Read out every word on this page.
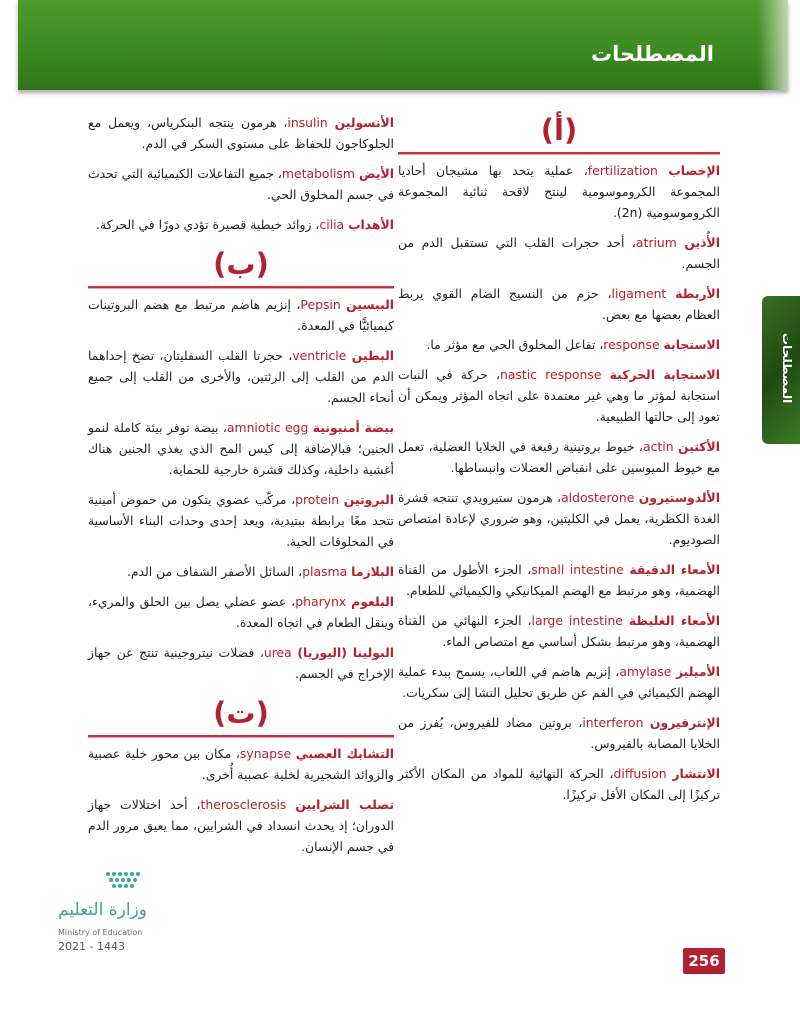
المصطلحات
المصطلحات
(أ)

الإخصاب fertilization، عملية يتحد بها مشيجان أحاديا المجموعة الكروموسومية لينتج لاقحة ثنائية المجموعة الكروموسومية (2n).

الأُذين atrium، أحد حجرات القلب التي تستقبل الدم من الجسم.

الأربطة ligament، حزم من النسيج الضام القوي يربط العظام بعضها مع بعض.

الاستجابة response، تفاعل المخلوق الحي مع مؤثر ما.

الاستجابة الحركية nastic response، حركة في النبات استجابة لمؤثر ما وهي غير معتمدة على اتجاه المؤثر ويمكن أن تعود إلى حالتها الطبيعية.

الأكتين actin، خيوط بروتينية رفيعة في الخلايا العضلية، تعمل مع خيوط الميوسين على انقباض العضلات وانبساطها.

الألدوستيرون aldosterone، هرمون ستيرويدي تنتجه قشرة الغدة الكظرية، يعمل في الكليتين، وهو ضروري لإعادة امتصاص الصوديوم.

الأمعاء الدقيقة small intestine، الجزء الأطول من القناة الهضمية، وهو مرتبط مع الهضم الميكانيكي والكيميائي للطعام.

الأمعاء الغليظة large intestine، الجزء النهائي من القناة الهضمية، وهو مرتبط بشكل أساسي مع امتصاص الماء.

الأميليز amylase، إنزيم هاضم في اللعاب، يسمح ببدء عملية الهضم الكيميائي في الفم عن طريق تحليل النشا إلى سكريات.

الإنترفيرون interferon، بروتين مضاد للفيروس، يُفرز من الخلايا المصابة بالفيروس.

الانتشار diffusion، الحركة النهائية للمواد من المكان الأكثر تركيزًا إلى المكان الأقل تركيزًا.

الأنسولين insulin، هرمون ينتجه البنكرياس، ويعمل مع الجلوكاجون للحفاظ على مستوى السكر في الدم.

الأيض metabolism، جميع التفاعلات الكيميائية التي تحدث في جسم المخلوق الحي.

الأهداب cilia، زوائد خيطية قصيرة تؤدي دورًا في الحركة.

(ب)

الببسين Pepsin، إنزيم هاضم مرتبط مع هضم البروتينات كيميائيًّا في المعدة.

البطين ventricle، حجرتا القلب السفليتان، تضخ إحداهما الدم من القلب إلى الرئتين، والأخرى من القلب إلى جميع أنحاء الجسم.

بيضة أمنيونية amniotic egg، بيضة توفر بيئة كاملة لنمو الجنين؛ فبالإضافة إلى كيس المح الذي يغذي الجنين هناك أغشية داخلية، وكذلك قشرة خارجية للحماية.

البروتين protein، مركّب عضوي يتكون من حموض أمينية تتحد معًا برابطة ببتيدية، ويعد إحدى وحدات البناء الأساسية في المخلوقات الحية.

البلازما plasma، السائل الأصفر الشفاف من الدم.

البلعوم pharynx، عضو عضلي يصل بين الحلق والمريء، وينقل الطعام في اتجاه المعدة.

البولينا (اليوريا) urea، فضلات نيتروجينية تنتج عن جهاز الإخراج في الجسم.

(ت)

التشابك العصبي synapse، مكان بين محور خلية عصبية والزوائد الشجيرية لخلية عصبية أُخرى.

تصلب الشرايين therosclerosis، أحد اختلالات جهاز الدوران؛ إذ يحدث انسداد في الشرايين، مما يعيق مرور الدم في جسم الإنسان.

وزارة التعليم
Ministry of Education
2021 - 1443
256
